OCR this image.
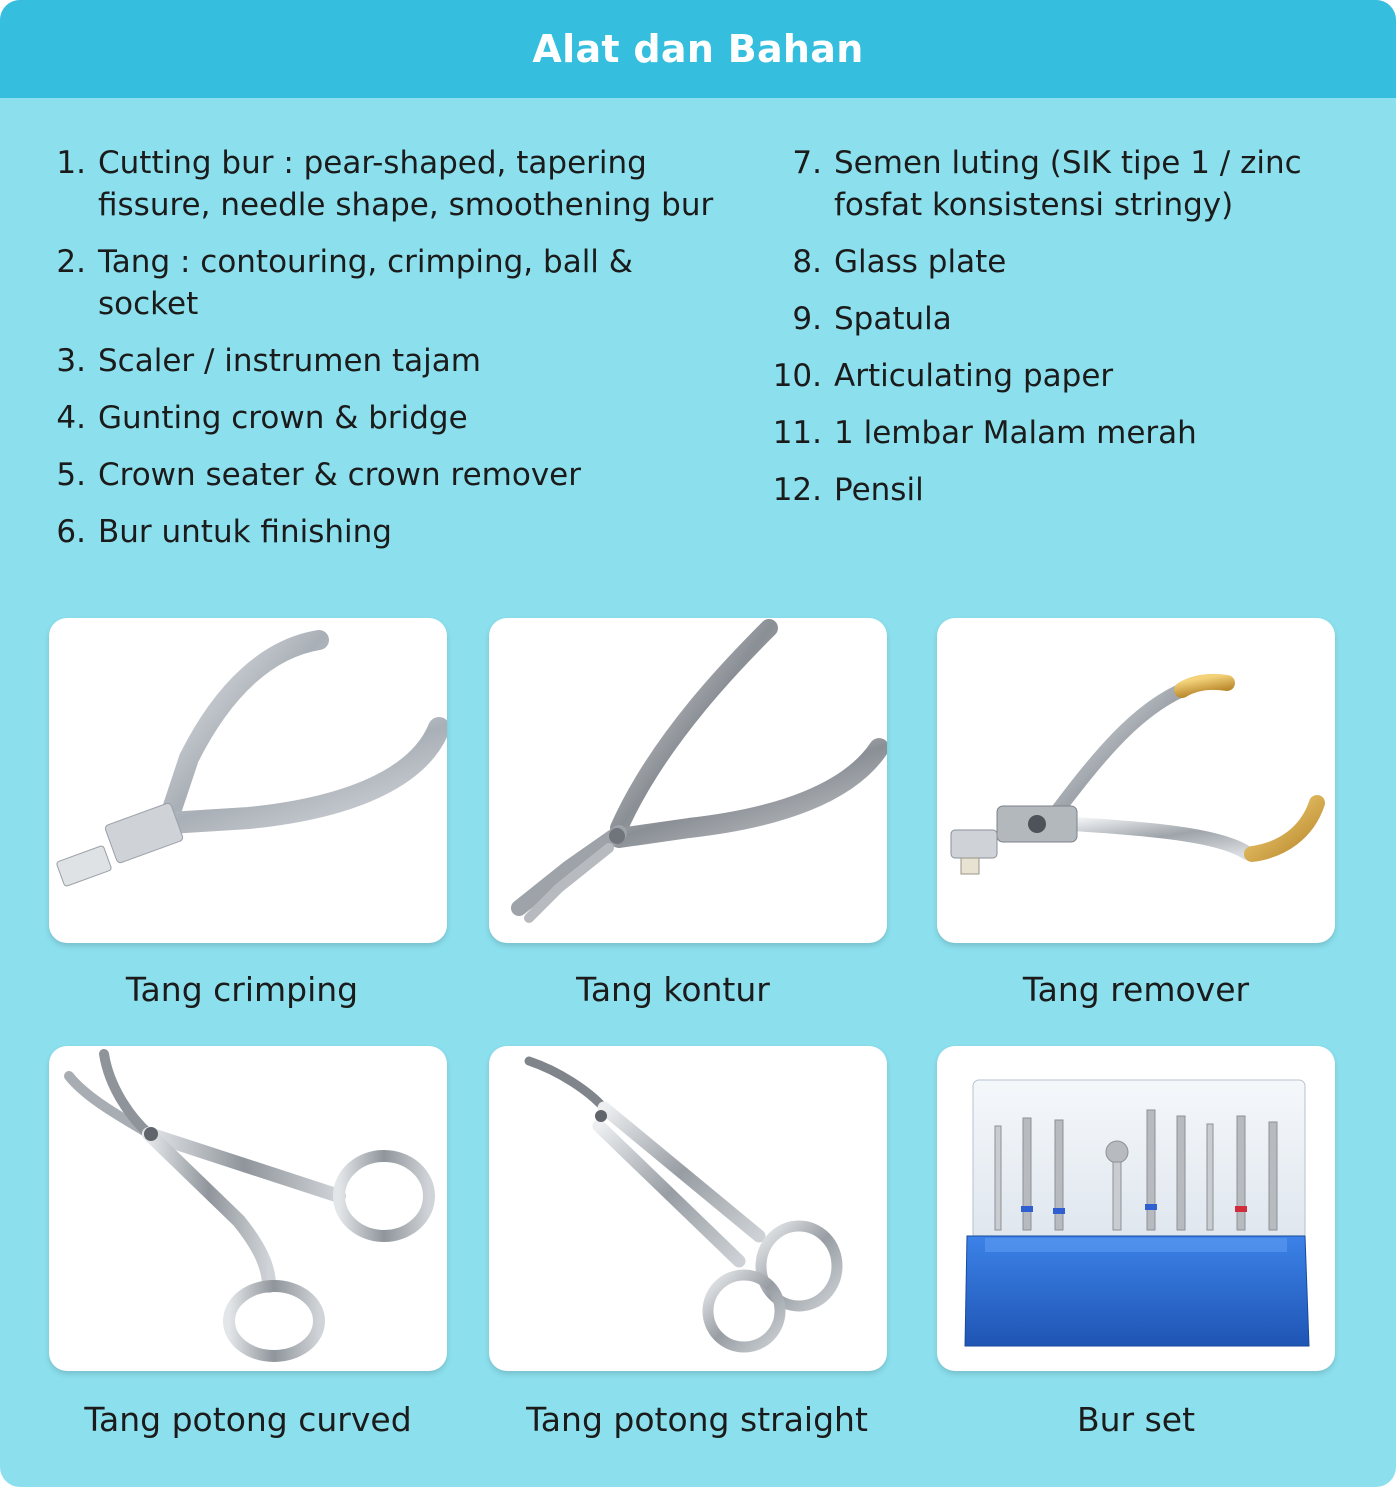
Alat dan Bahan
1. Cutting bur : pear-shaped, tapering fissure, needle shape, smoothening bur
2. Tang : contouring, crimping, ball & socket
3. Scaler / instrumen tajam
4. Gunting crown & bridge
5. Crown seater & crown remover
6. Bur untuk finishing
7. Semen luting (SIK tipe 1 / zinc fosfat konsistensi stringy)
8. Glass plate
9. Spatula
10. Articulating paper
11. 1 lembar Malam merah
12. Pensil
Tang crimping	Tang kontur	Tang remover
Tang potong curved	Tang potong straight	Bur set
